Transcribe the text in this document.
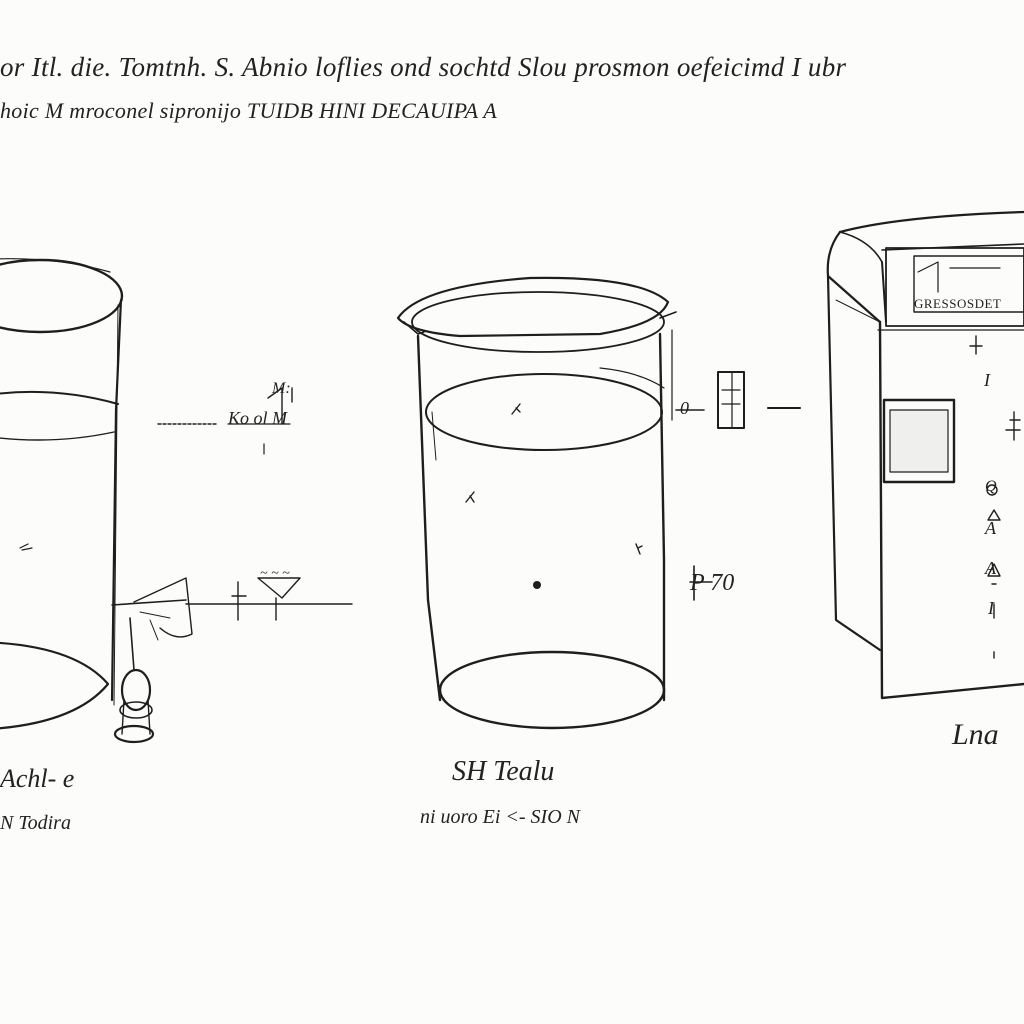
or Itl. die. Tomtnh. S. Abnio loflies ond sochtd Slou prosmon oefeicimd I ubr
hoic M mroconel sipronijo TUIDB HINI DECAUIPA A
M:
Ko ol M
~ ~ ~
Achl- e
N Todira
0
P 70
SH Tealu
ni uoro Ei <- SIO N
GRESSOSDET
Lna
I
Q
A
A
I
